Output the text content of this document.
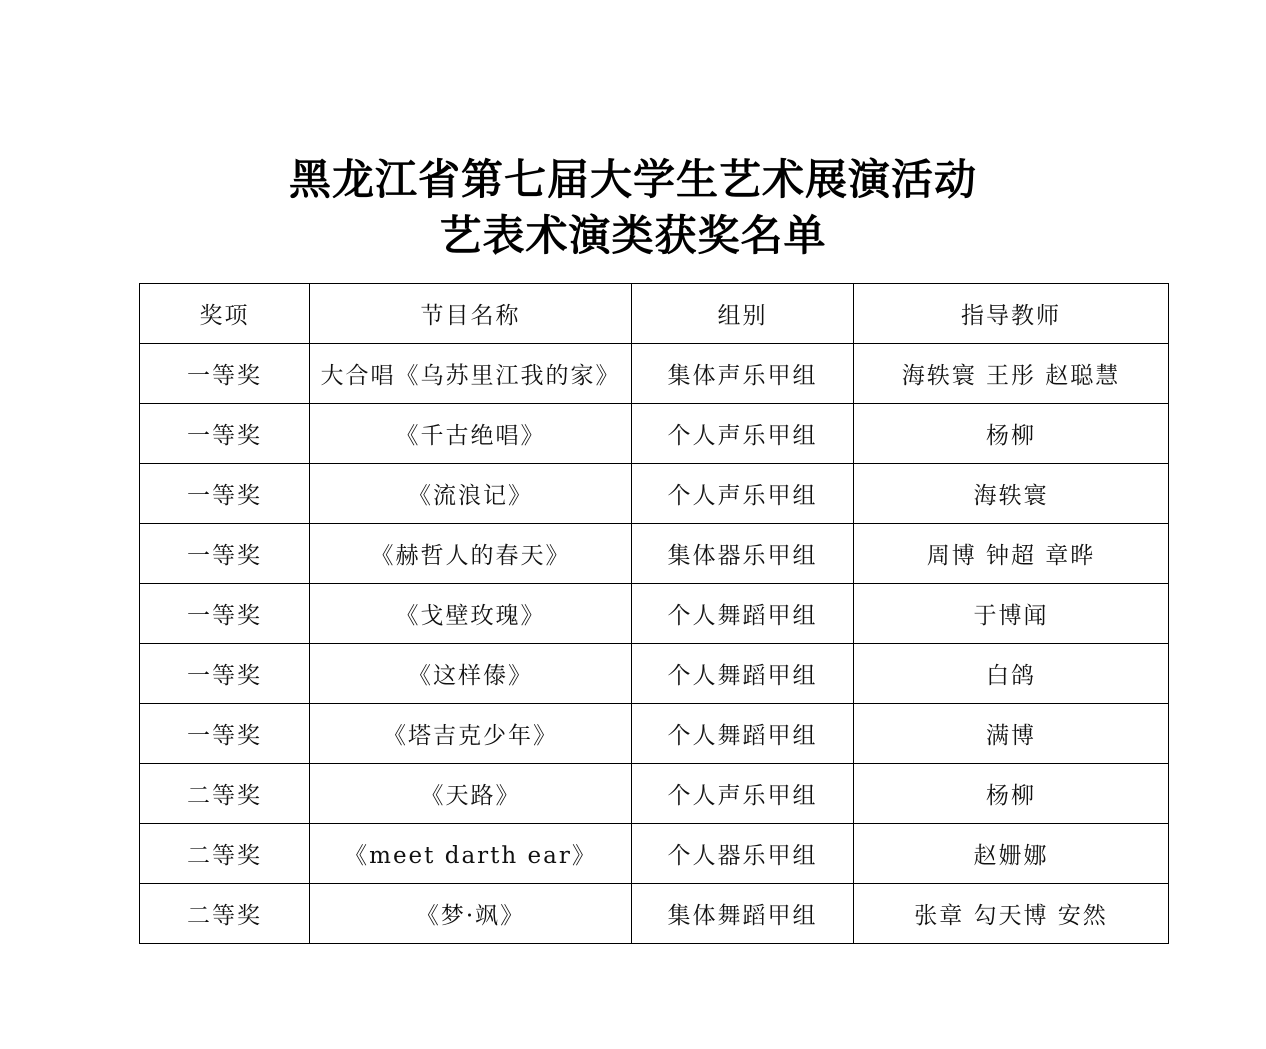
黑龙江省第七届大学生艺术展演活动
艺表术演类获奖名单
奖项	节目名称	组别	指导教师
一等奖	大合唱《乌苏里江我的家》	集体声乐甲组	海轶寰 王彤 赵聪慧
一等奖	《千古绝唱》	个人声乐甲组	杨柳
一等奖	《流浪记》	个人声乐甲组	海轶寰
一等奖	《赫哲人的春天》	集体器乐甲组	周博 钟超 章晔
一等奖	《戈壁玫瑰》	个人舞蹈甲组	于博闻
一等奖	《这样傣》	个人舞蹈甲组	白鸽
一等奖	《塔吉克少年》	个人舞蹈甲组	满博
二等奖	《天路》	个人声乐甲组	杨柳
二等奖	《meet darth ear》	个人器乐甲组	赵姗娜
二等奖	《梦·飒》	集体舞蹈甲组	张章 勾天博 安然
